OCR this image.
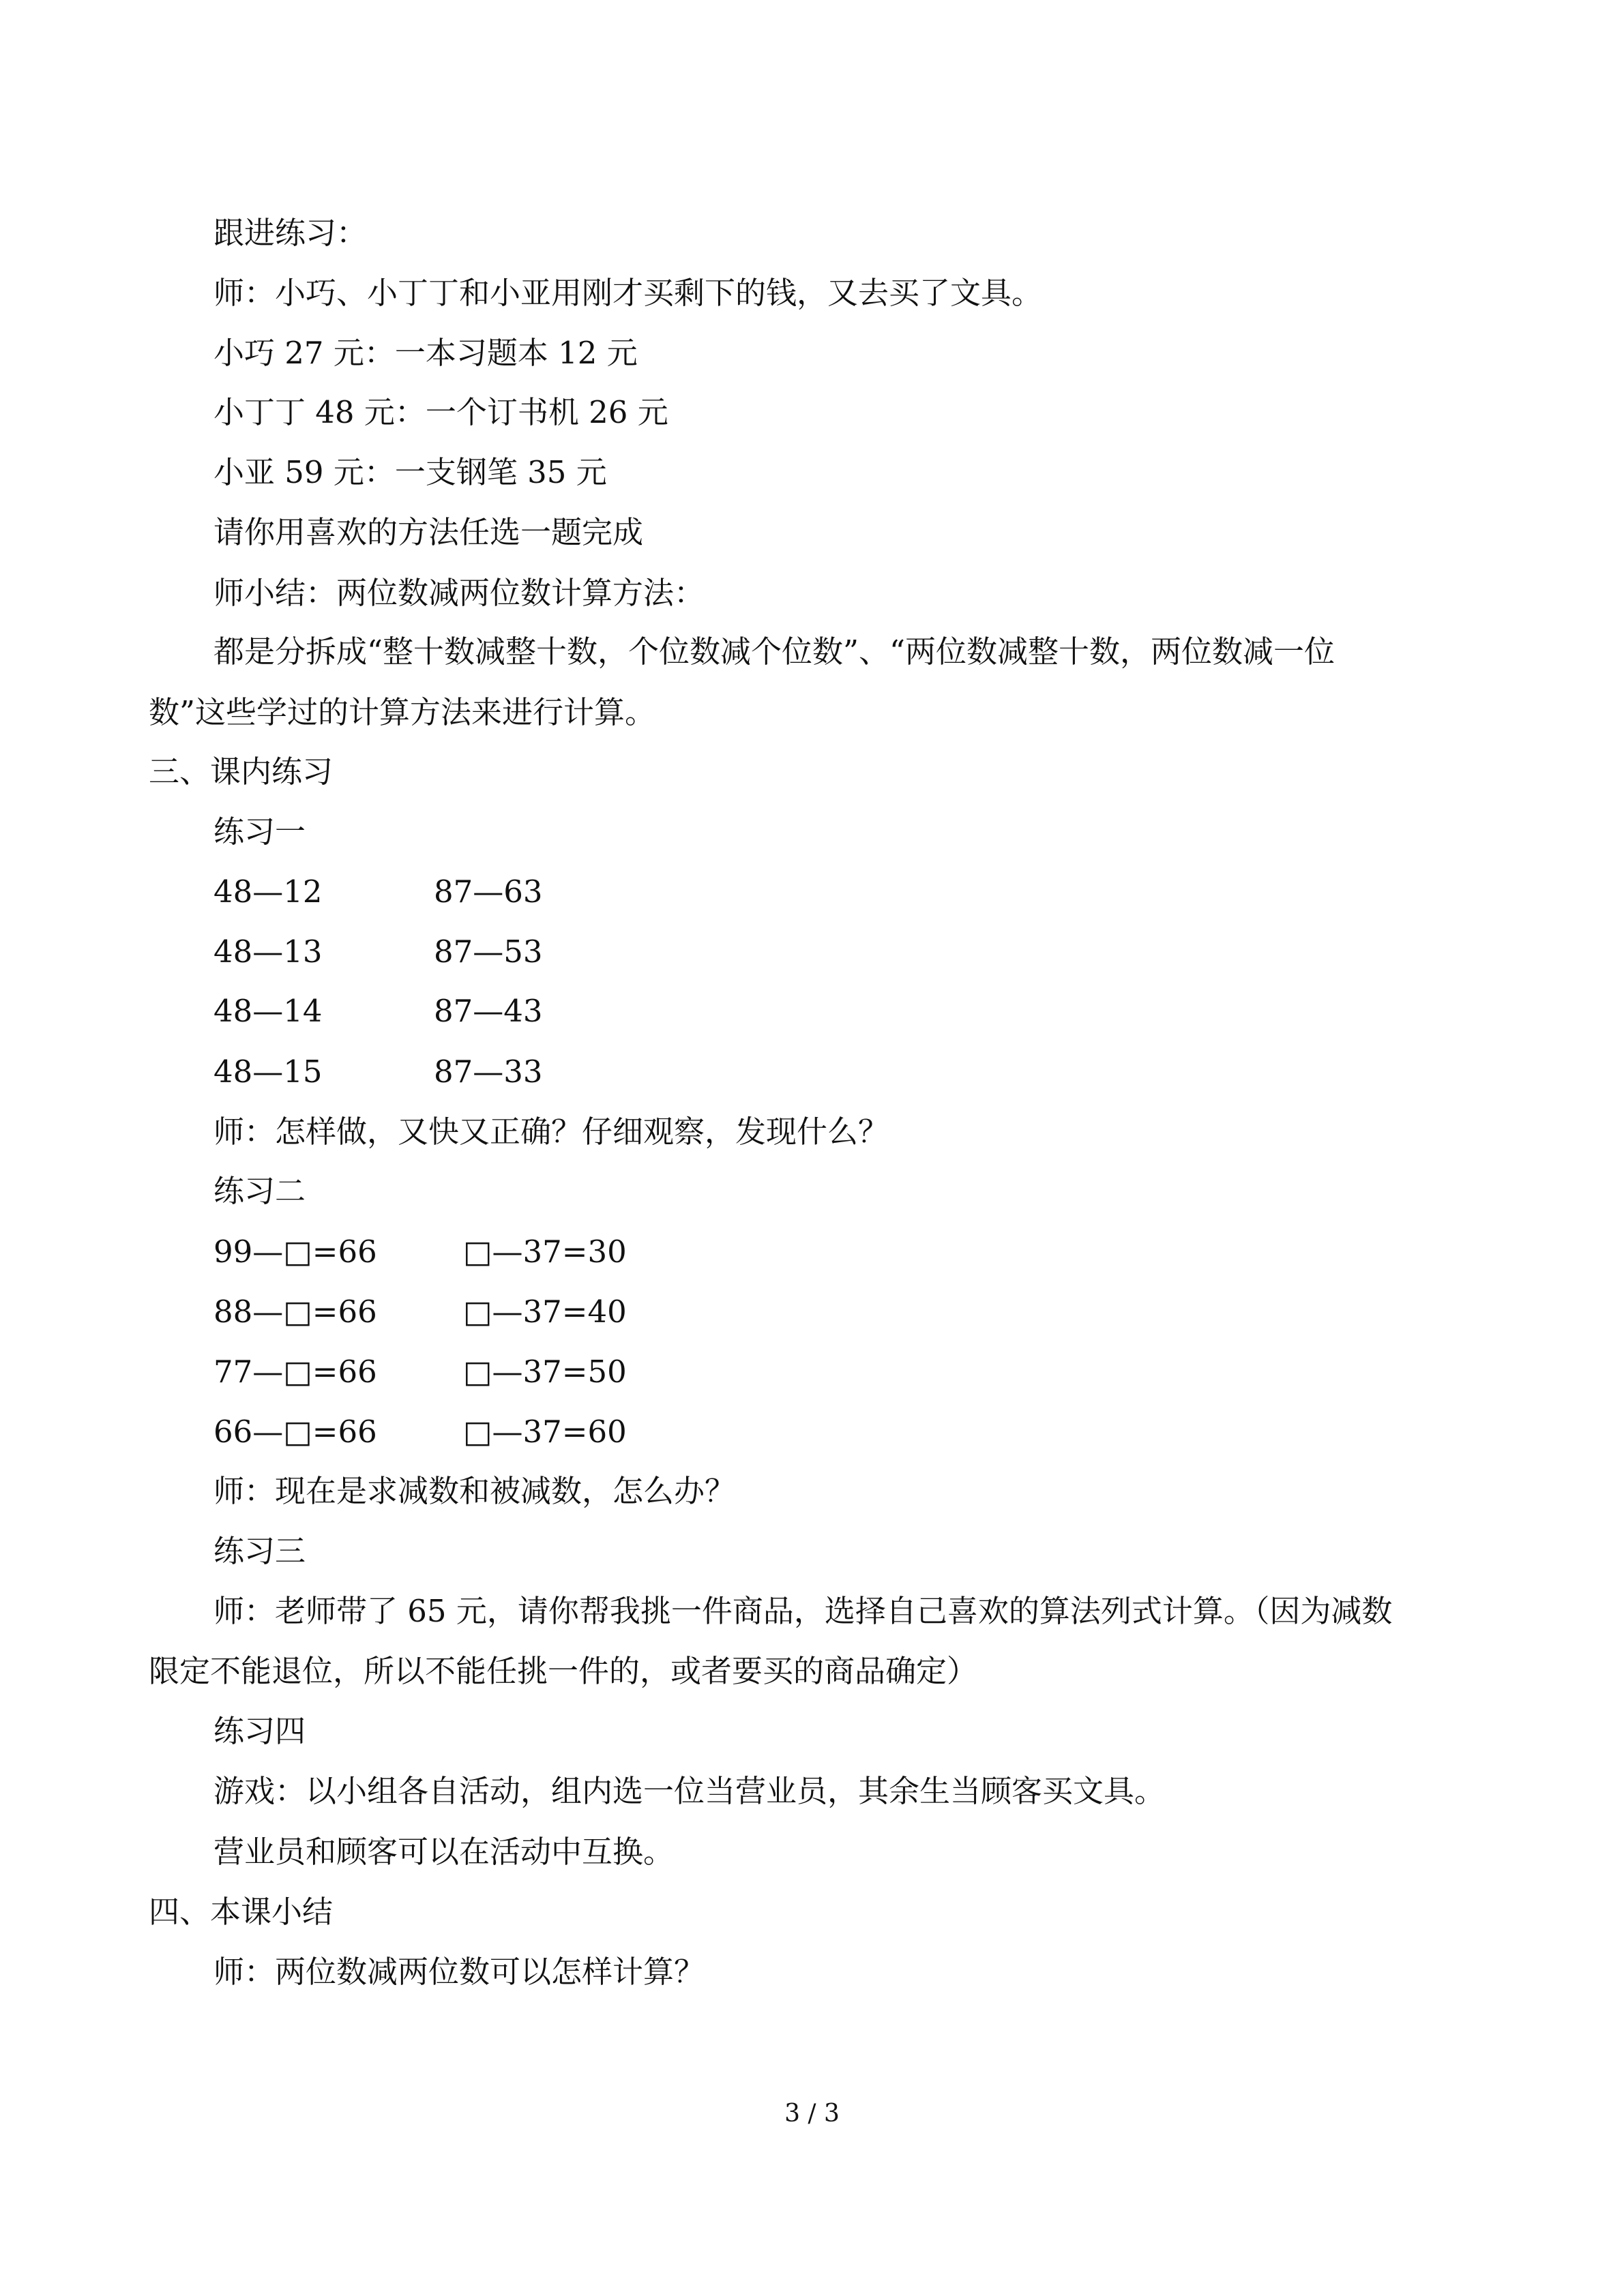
跟进练习：
师：小巧、小丁丁和小亚用刚才买剩下的钱，又去买了文具。
小巧 27 元：一本习题本 12 元
小丁丁 48 元：一个订书机 26 元
小亚 59 元：一支钢笔 35 元
请你用喜欢的方法任选一题完成
师小结：两位数减两位数计算方法：
都是分拆成“整十数减整十数，个位数减个位数”、“两位数减整十数，两位数减一位
数”这些学过的计算方法来进行计算。
三、课内练习
练习一
48—12	87—63
48—13	87—53
48—14	87—43
48—15	87—33
师：怎样做，又快又正确？仔细观察，发现什么？
练习二
99—□=66	□—37=30
88—□=66	□—37=40
77—□=66	□—37=50
66—□=66	□—37=60
师：现在是求减数和被减数，怎么办？
练习三
师：老师带了 65 元，请你帮我挑一件商品，选择自己喜欢的算法列式计算。（因为减数
限定不能退位，所以不能任挑一件的，或者要买的商品确定）
练习四
游戏：以小组各自活动，组内选一位当营业员，其余生当顾客买文具。
营业员和顾客可以在活动中互换。
四、本课小结
师：两位数减两位数可以怎样计算？
3 / 3
